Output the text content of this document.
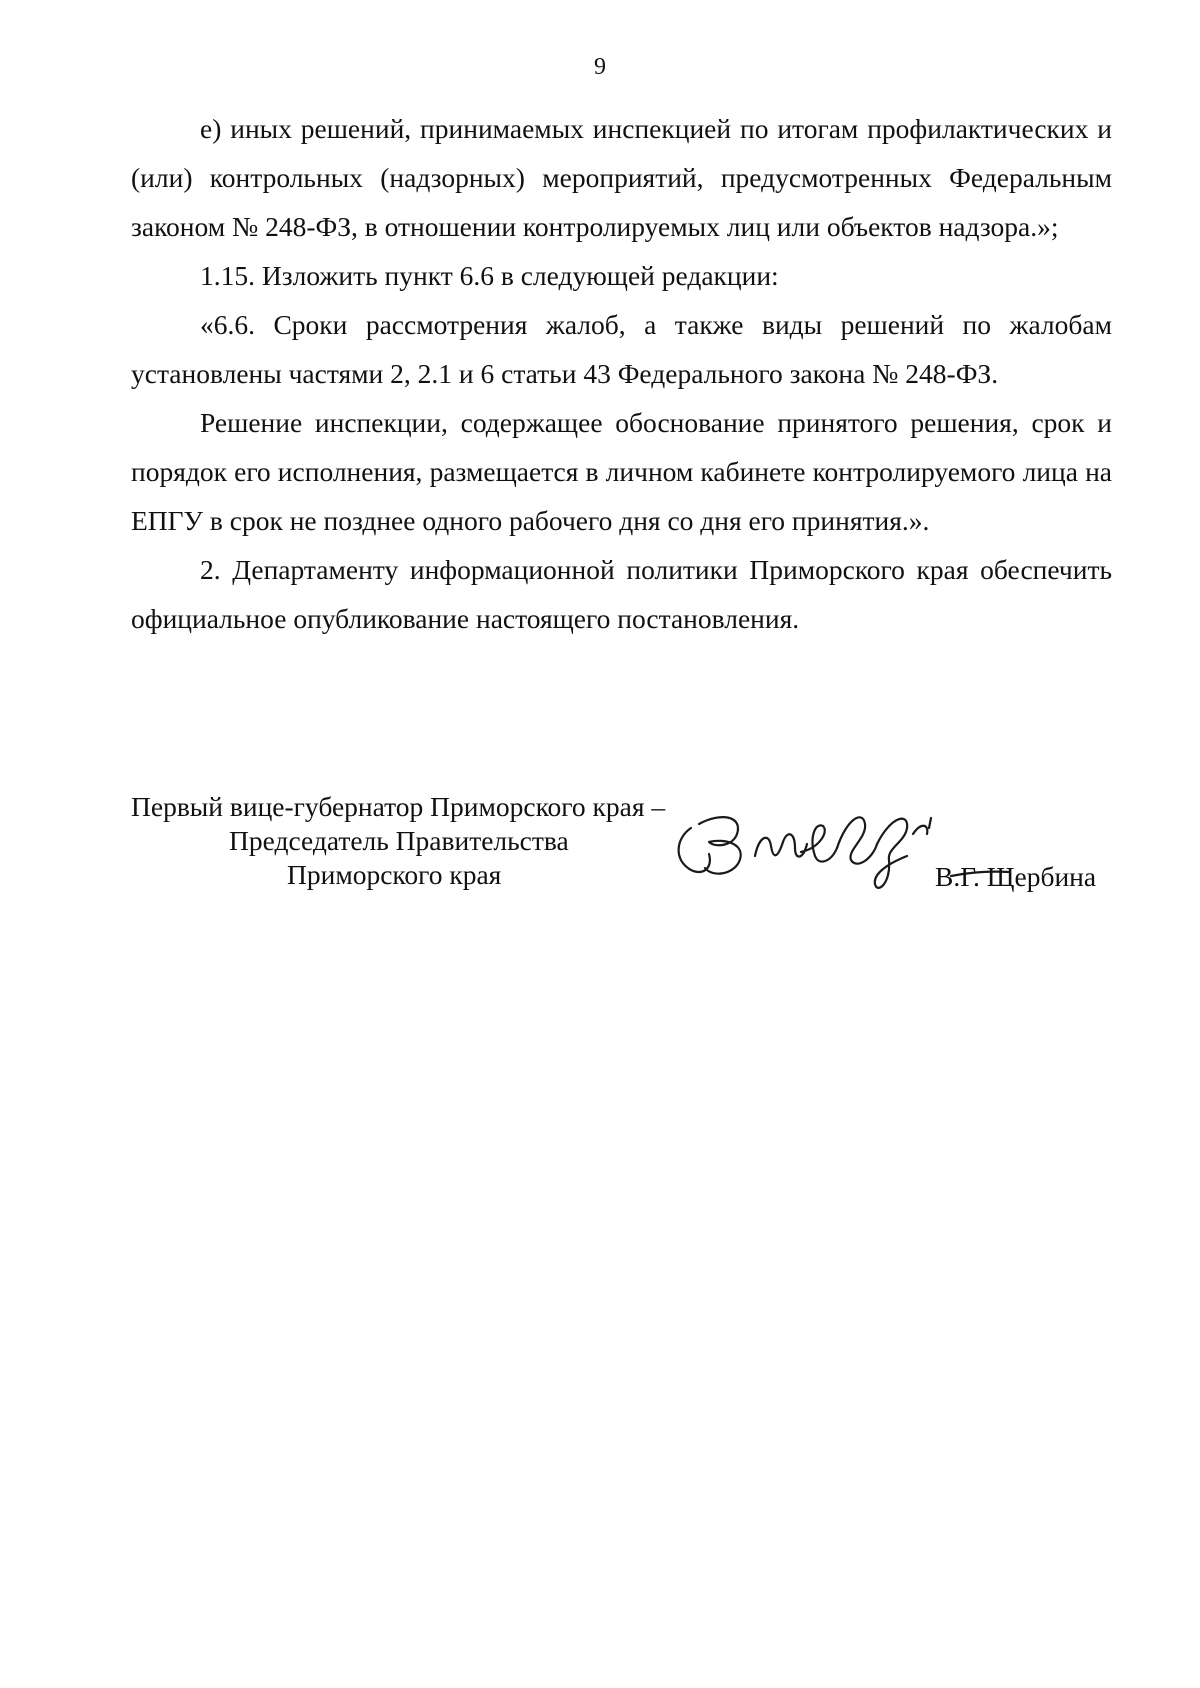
9

е) иных решений, принимаемых инспекцией по итогам профилактических и (или) контрольных (надзорных) мероприятий, предусмотренных Федеральным законом № 248-ФЗ, в отношении контролируемых лиц или объектов надзора.»;

1.15. Изложить пункт 6.6 в следующей редакции:

«6.6. Сроки рассмотрения жалоб, а также виды решений по жалобам установлены частями 2, 2.1 и 6 статьи 43 Федерального закона № 248-ФЗ.

Решение инспекции, содержащее обоснование принятого решения, срок и порядок его исполнения, размещается в личном кабинете контролируемого лица на ЕПГУ в срок не позднее одного рабочего дня со дня его принятия.».

2. Департаменту информационной политики Приморского края обеспечить официальное опубликование настоящего постановления.

Первый вице-губернатор Приморского края –
Председатель Правительства
Приморского края	В.Г. Щербина
